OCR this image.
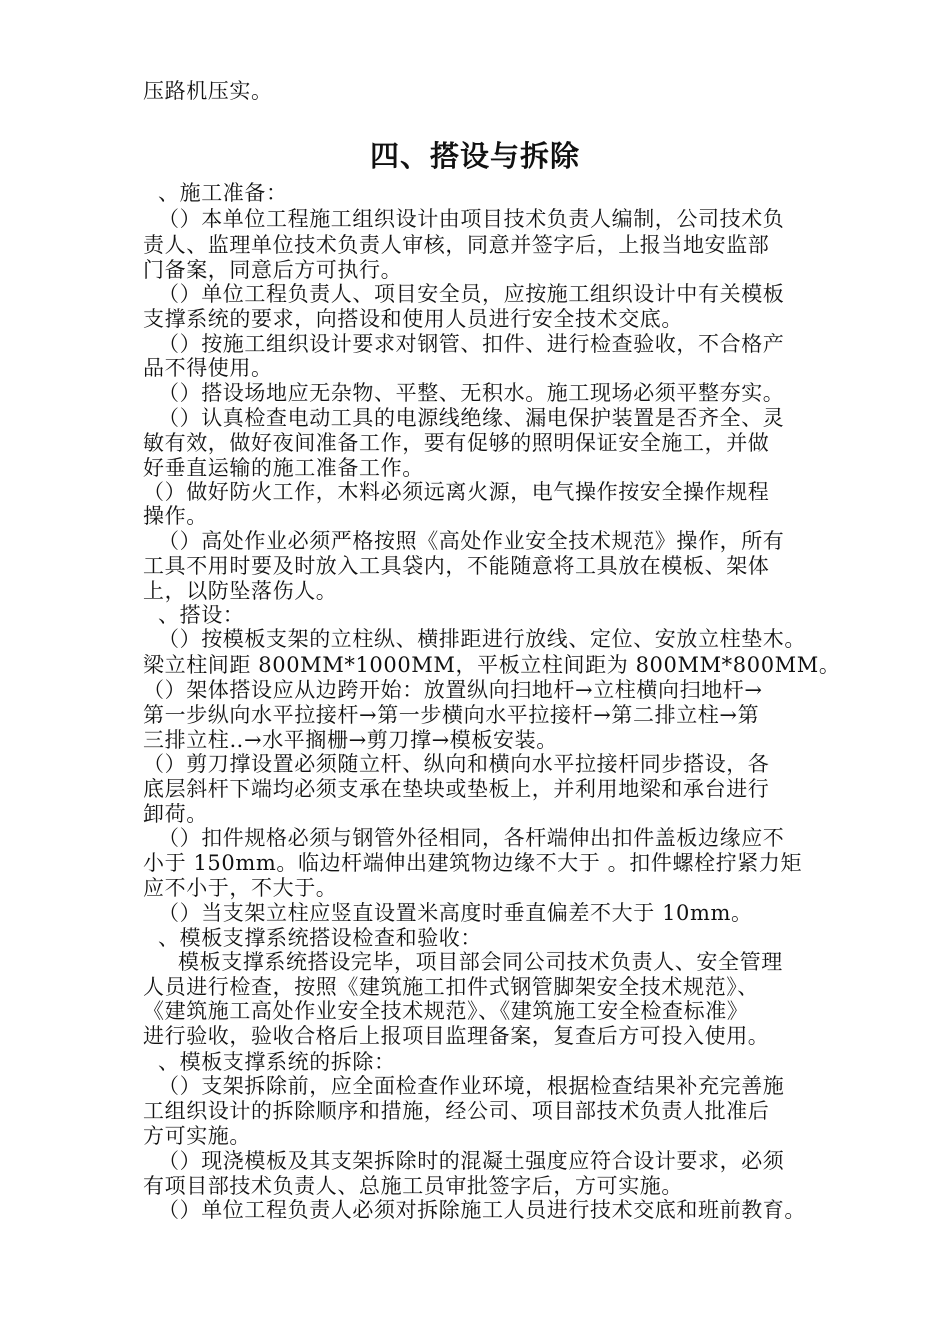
压路机压实。
四、搭设与拆除
、施工准备：
（）本单位工程施工组织设计由项目技术负责人编制，公司技术负
责人、监理单位技术负责人审核，同意并签字后，上报当地安监部
门备案，同意后方可执行。
（）单位工程负责人、项目安全员，应按施工组织设计中有关模板
支撑系统的要求，向搭设和使用人员进行安全技术交底。
（）按施工组织设计要求对钢管、扣件、进行检查验收，不合格产
品不得使用。
（）搭设场地应无杂物、平整、无积水。施工现场必须平整夯实。
（）认真检查电动工具的电源线绝缘、漏电保护装置是否齐全、灵
敏有效，做好夜间准备工作，要有促够的照明保证安全施工，并做
好垂直运输的施工准备工作。
（）做好防火工作，木料必须远离火源，电气操作按安全操作规程
操作。
（）高处作业必须严格按照《高处作业安全技术规范》操作，所有
工具不用时要及时放入工具袋内，不能随意将工具放在模板、架体
上，以防坠落伤人。
、搭设：
（）按模板支架的立柱纵、横排距进行放线、定位、安放立柱垫木。
梁立柱间距 800MM*1000MM，平板立柱间距为 800MM*800MM。
（）架体搭设应从边跨开始：放置纵向扫地杆→立柱横向扫地杆→
第一步纵向水平拉接杆→第一步横向水平拉接杆→第二排立柱→第
三排立柱‥→水平搁栅→剪刀撑→模板安装。
（）剪刀撑设置必须随立杆、纵向和横向水平拉接杆同步搭设，各
底层斜杆下端均必须支承在垫块或垫板上，并利用地梁和承台进行
卸荷。
（）扣件规格必须与钢管外径相同，各杆端伸出扣件盖板边缘应不
小于 150mm。临边杆端伸出建筑物边缘不大于 。扣件螺栓拧紧力矩
应不小于，不大于。
（）当支架立柱应竖直设置米高度时垂直偏差不大于 10mm。
、模板支撑系统搭设检查和验收：
模板支撑系统搭设完毕，项目部会同公司技术负责人、安全管理
人员进行检查，按照《建筑施工扣件式钢管脚架安全技术规范》、
《建筑施工高处作业安全技术规范》、《建筑施工安全检查标准》
进行验收，验收合格后上报项目监理备案，复查后方可投入使用。
、模板支撑系统的拆除：
（）支架拆除前，应全面检查作业环境，根据检查结果补充完善施
工组织设计的拆除顺序和措施，经公司、项目部技术负责人批准后
方可实施。
（）现浇模板及其支架拆除时的混凝土强度应符合设计要求，必须
有项目部技术负责人、总施工员审批签字后，方可实施。
（）单位工程负责人必须对拆除施工人员进行技术交底和班前教育。
